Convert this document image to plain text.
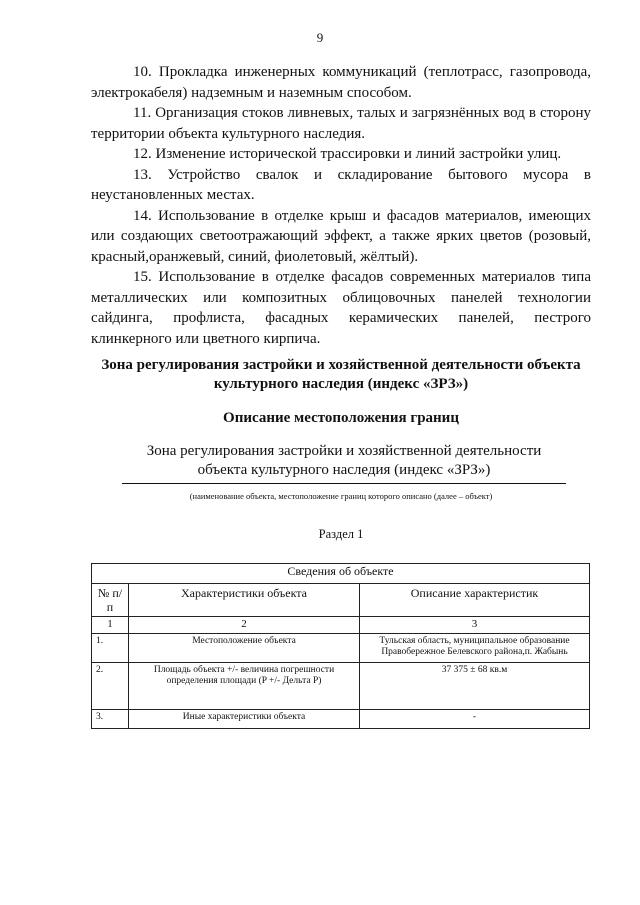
9

10. Прокладка инженерных коммуникаций (теплотрасс, газопровода, электрокабеля) надземным и наземным способом.

11. Организация стоков ливневых, талых и загрязнённых вод в сторону территории объекта культурного наследия.

12. Изменение исторической трассировки и линий застройки улиц.

13. Устройство свалок и складирование бытового мусора в неустановленных местах.

14. Использование в отделке крыш и фасадов материалов, имеющих или создающих светоотражающий эффект, а также ярких цветов (розовый, красный,оранжевый, синий, фиолетовый, жёлтый).

15. Использование в отделке фасадов современных материалов типа металлических или композитных облицовочных панелей технологии сайдинга, профлиста, фасадных керамических панелей, пестрого клинкерного или цветного кирпича.

Зона регулирования застройки и хозяйственной деятельности объекта культурного наследия (индекс «ЗРЗ»)
Описание местоположения границ
Зона регулирования застройки и хозяйственной деятельности объекта культурного наследия (индекс «ЗРЗ»)
(наименование объекта, местоположение границ которого описано (далее – объект)
Раздел 1
Сведения об объекте		
№ п/п	Характеристики объекта	Описание характеристик
1	2	3
1.	Местоположение объекта	Тульская область, муниципальное образование Правобережное Белевского района,п. Жабынь
2.	Площадь объекта +/- величина погрешности определения площади (P +/- Дельта P)	37 375 ± 68 кв.м
3.	Иные характеристики объекта	-
